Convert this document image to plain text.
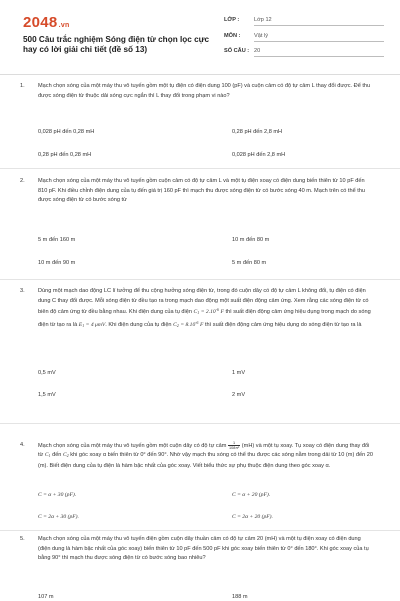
2048.vn
500 Câu trắc nghiệm Sóng điện từ chọn lọc cực hay có lời giải chi tiết (đề số 13)
LỚP :	Lớp 12
MÔN : Vật lý
SỐ CÂU : 20
1.	Mạch chọn sóng của một máy thu vô tuyến gồm một tụ điện có điện dung 100 (pF) và cuộn cảm có độ tự cảm L thay đổi được. Để thu được sóng điện từ thuộc dải sóng cực ngắn thì L thay đổi trong phạm vi nào?
0,028 pH đến 0,28 mH	0,28 pH đến 2,8 mH
0,28 pH đến 0,28 mH	0,028 pH đến 2,8 mH
2.	Mạch chọn sóng của một máy thu vô tuyến gồm cuộn cảm có độ tự cảm L và một tụ điện xoay có điện dung biến thiên từ 10 pF đến 810 pF. Khi điều chỉnh điện dung của tụ đến giá trị 160 pF thì mạch thu được sóng điện từ có bước sóng 40 m. Mạch trên có thể thu được sóng điện từ có bước sóng từ
5 m đến 160 m	10 m đến 80 m
10 m đến 90 m	5 m đến 80 m
3.	Dùng một mạch dao động LC lí tưởng để thu cộng hưởng sóng điện từ, trong đó cuộn dây có độ tự cảm L không đổi, tụ điện có điện dung C thay đổi được. Mỗi sóng điện từ đều tạo ra trong mạch dao động một suất điện động cảm ứng. Xem rằng các sóng điện từ có biên độ cảm ứng từ đều bằng nhau. Khi điện dung của tụ điện $C_1 = 2.10^{-6}$ F thì suất điện động cảm ứng hiệu dụng trong mạch do sóng điện từ tạo ra là $E_1 = 4$ μmV. Khi điện dung của tụ điện $C_2 = 8.10^{-6}$ F thì suất điện động cảm ứng hiệu dụng do sóng điện từ tạo ra là
0,5 mV	1 mV
1,5 mV	2 mV
4.	Mạch chọn sóng của một máy thu vô tuyến gồm một cuộn dây có độ tự cảm $\frac{1}{\text{108π²}} (mH)$ và một tụ xoay. Tụ xoay có điện dung thay đổi từ $C_1$ đến $C_2$ khi góc xoay α biến thiên từ 0° đến 90°. Nhờ vậy mạch thu sóng có thể thu được các sóng nằm trong dải từ 10 (m) đến 20 (m). Biết điện dung của tụ điện là hàm bậc nhất của góc xoay. Viết biểu thức sự phụ thuộc điện dung theo góc xoay α.
C = α + 30 (pF).	C = α + 20 (pF).
C = 2α + 30 (pF).	C = 2α + 20 (pF).
5.	Mạch chọn sóng của một máy thu vô tuyến điện gồm cuộn dây thuần cảm có độ tự cảm 20 (mH) và một tụ điện xoay có điện dung (điện dung là hàm bậc nhất của góc xoay) biến thiên từ 10 pF đến 500 pF khi góc xoay biến thiên từ 0° đến 180°. Khi góc xoay của tụ bằng 90° thì mạch thu được sóng điện từ có bước sóng bao nhiêu?
107 m	188 m
